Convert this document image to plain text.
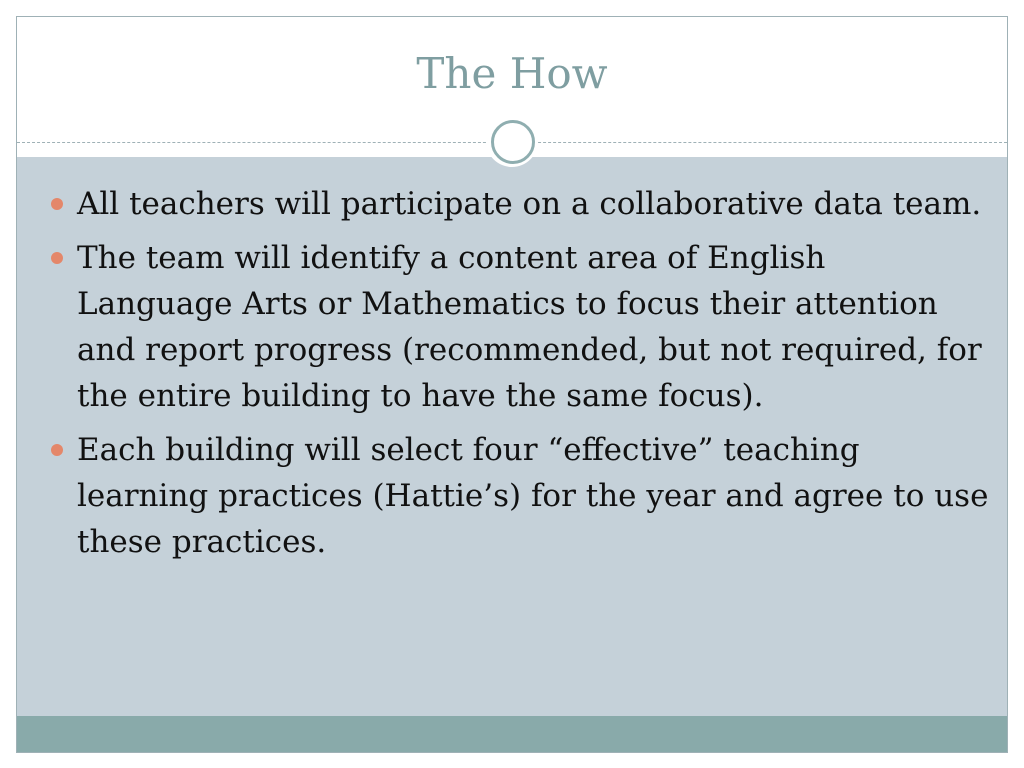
The How
All teachers will participate on a collaborative data team.
The team will identify a content area of English Language Arts or Mathematics to focus their attention and report progress (recommended, but not required, for the entire building to have the same focus).
Each building will select four “effective” teaching learning practices (Hattie’s) for the year and agree to use these practices.
